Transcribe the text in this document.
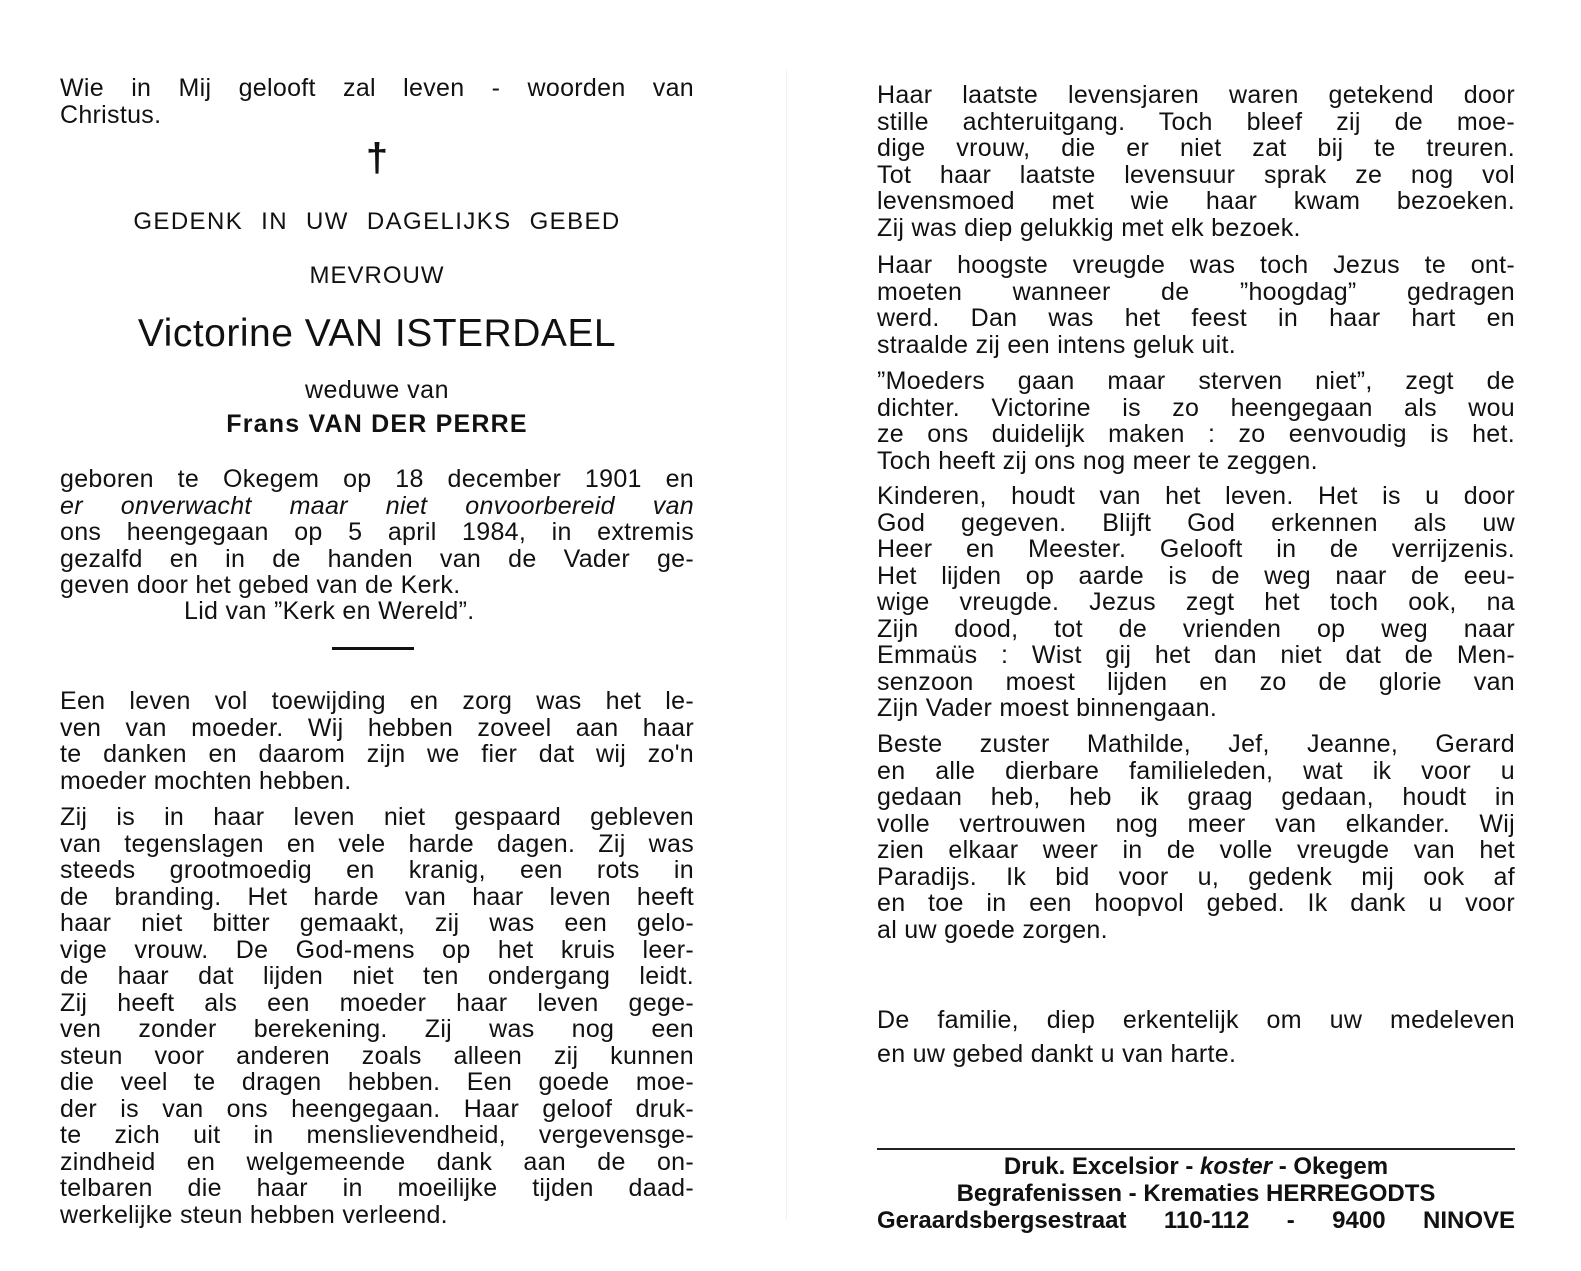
Wie in Mij gelooft zal leven - woorden van

Christus.

†
GEDENK IN UW DAGELIJKS GEBED
MEVROUW
Victorine VAN ISTERDAEL
weduwe van
Frans VAN DER PERRE

geboren te Okegem op 18 december 1901 en

er onverwacht maar niet onvoorbereid van

ons heengegaan op 5 april 1984, in extremis

gezalfd en in de handen van de Vader ge-

geven door het gebed van de Kerk.

Lid van ”Kerk en Wereld”.

Een leven vol toewijding en zorg was het le-

ven van moeder. Wij hebben zoveel aan haar

te danken en daarom zijn we fier dat wij zo'n

moeder mochten hebben.

Zij is in haar leven niet gespaard gebleven

van tegenslagen en vele harde dagen. Zij was

steeds grootmoedig en kranig, een rots in

de branding. Het harde van haar leven heeft

haar niet bitter gemaakt, zij was een gelo-

vige vrouw. De God-mens op het kruis leer-

de haar dat lijden niet ten ondergang leidt.

Zij heeft als een moeder haar leven gege-

ven zonder berekening. Zij was nog een

steun voor anderen zoals alleen zij kunnen

die veel te dragen hebben. Een goede moe-

der is van ons heengegaan. Haar geloof druk-

te zich uit in menslievendheid, vergevensge-

zindheid en welgemeende dank aan de on-

telbaren die haar in moeilijke tijden daad-

werkelijke steun hebben verleend.

Haar laatste levensjaren waren getekend door

stille achteruitgang. Toch bleef zij de moe-

dige vrouw, die er niet zat bij te treuren.

Tot haar laatste levensuur sprak ze nog vol

levensmoed met wie haar kwam bezoeken.

Zij was diep gelukkig met elk bezoek.

Haar hoogste vreugde was toch Jezus te ont-

moeten wanneer de ”hoogdag” gedragen

werd. Dan was het feest in haar hart en

straalde zij een intens geluk uit.

”Moeders gaan maar sterven niet”, zegt de

dichter. Victorine is zo heengegaan als wou

ze ons duidelijk maken : zo eenvoudig is het.

Toch heeft zij ons nog meer te zeggen.

Kinderen, houdt van het leven. Het is u door

God gegeven. Blijft God erkennen als uw

Heer en Meester. Gelooft in de verrijzenis.

Het lijden op aarde is de weg naar de eeu-

wige vreugde. Jezus zegt het toch ook, na

Zijn dood, tot de vrienden op weg naar

Emmaüs : Wist gij het dan niet dat de Men-

senzoon moest lijden en zo de glorie van

Zijn Vader moest binnengaan.

Beste zuster Mathilde, Jef, Jeanne, Gerard

en alle dierbare familieleden, wat ik voor u

gedaan heb, heb ik graag gedaan, houdt in

volle vertrouwen nog meer van elkander. Wij

zien elkaar weer in de volle vreugde van het

Paradijs. Ik bid voor u, gedenk mij ook af

en toe in een hoopvol gebed. Ik dank u voor

al uw goede zorgen.

De familie, diep erkentelijk om uw medeleven

en uw gebed dankt u van harte.

Druk. Excelsior - koster - Okegem

Begrafenissen - Krematies HERREGODTS

Geraardsbergsestraat 110-112 - 9400 NINOVE
